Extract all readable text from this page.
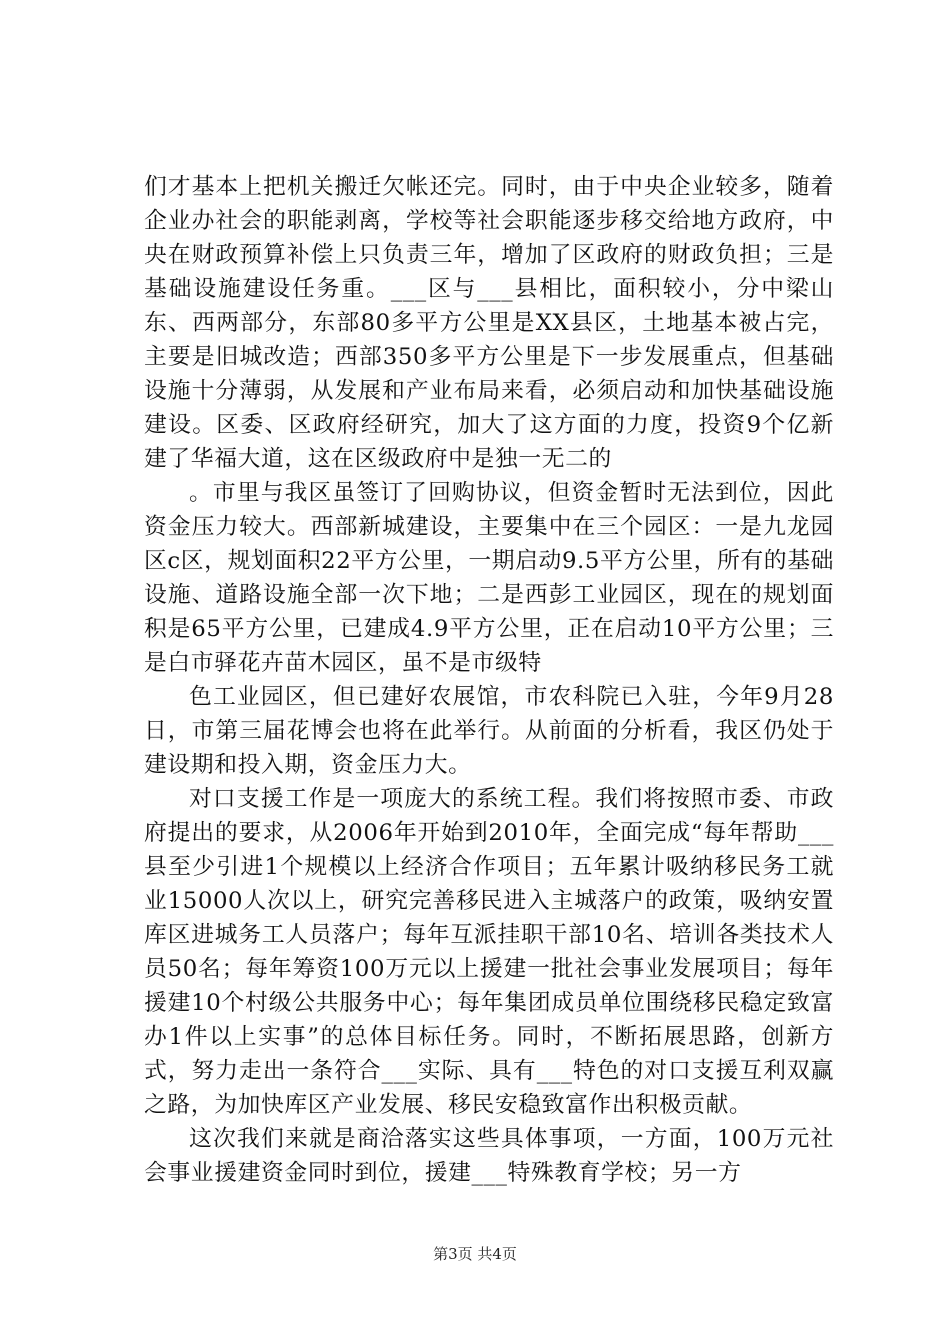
们才基本上把机关搬迁欠帐还完。同时，由于中央企业较多，随着企业办社会的职能剥离，学校等社会职能逐步移交给地方政府，中央在财政预算补偿上只负责三年，增加了区政府的财政负担；三是基础设施建设任务重。___区与___县相比，面积较小，分中梁山东、西两部分，东部80多平方公里是XX县区，土地基本被占完，主要是旧城改造；西部350多平方公里是下一步发展重点，但基础设施十分薄弱，从发展和产业布局来看，必须启动和加快基础设施建设。区委、区政府经研究，加大了这方面的力度，投资9个亿新建了华福大道，这在区级政府中是独一无二的

。市里与我区虽签订了回购协议，但资金暂时无法到位，因此资金压力较大。西部新城建设，主要集中在三个园区：一是九龙园区c区，规划面积22平方公里，一期启动9.5平方公里，所有的基础设施、道路设施全部一次下地；二是西彭工业园区，现在的规划面积是65平方公里，已建成4.9平方公里，正在启动10平方公里；三是白市驿花卉苗木园区，虽不是市级特

色工业园区，但已建好农展馆，市农科院已入驻，今年9月28日，市第三届花博会也将在此举行。从前面的分析看，我区仍处于建设期和投入期，资金压力大。

对口支援工作是一项庞大的系统工程。我们将按照市委、市政府提出的要求，从2006年开始到2010年，全面完成“每年帮助___县至少引进1个规模以上经济合作项目；五年累计吸纳移民务工就业15000人次以上，研究完善移民进入主城落户的政策，吸纳安置库区进城务工人员落户；每年互派挂职干部10名、培训各类技术人员50名；每年筹资100万元以上援建一批社会事业发展项目；每年援建10个村级公共服务中心；每年集团成员单位围绕移民稳定致富办1件以上实事”的总体目标任务。同时，不断拓展思路，创新方式，努力走出一条符合___实际、具有___特色的对口支援互利双赢之路，为加快库区产业发展、移民安稳致富作出积极贡献。

这次我们来就是商洽落实这些具体事项，一方面，100万元社会事业援建资金同时到位，援建___特殊教育学校；另一方

第3页 共4页
